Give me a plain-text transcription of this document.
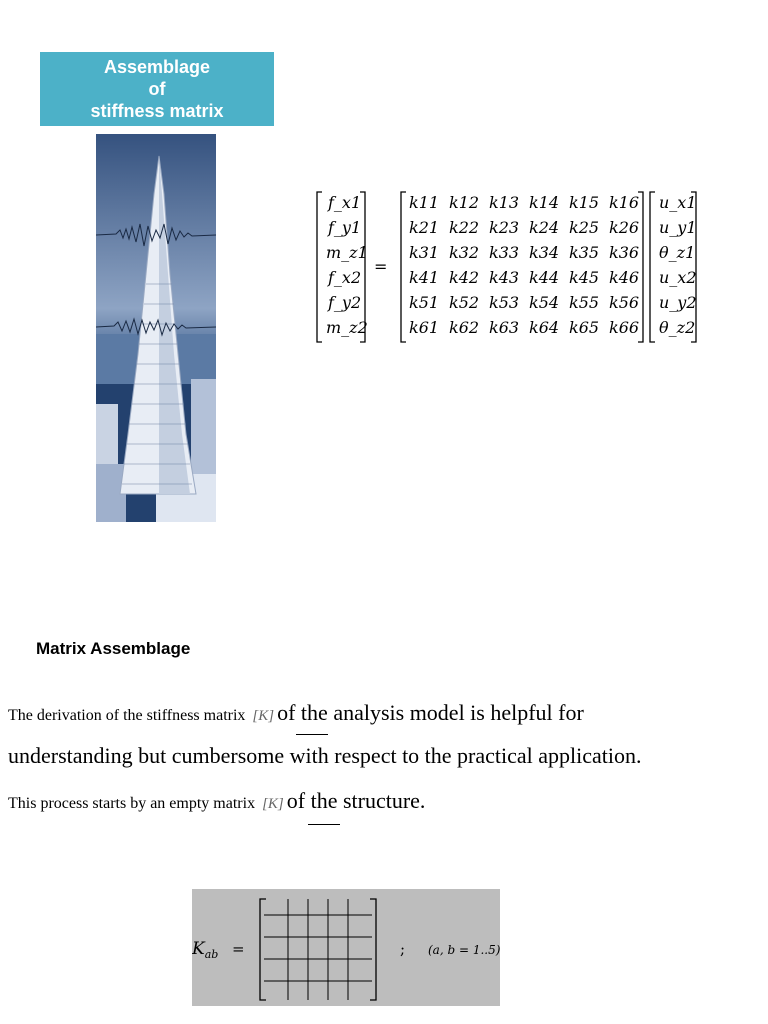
Assemblage
of
stiffness matrix
f_x1
f_y1
m_z1
f_x2
f_y2
m_z2
=
k11 k12 k13 k14 k15 k16
k21 k22 k23 k24 k25 k26
k31 k32 k33 k34 k35 k36
k41 k42 k43 k44 k45 k46
k51 k52 k53 k54 k55 k56
k61 k62 k63 k64 k65 k66
u_x1
u_y1
θ_z1
u_x2
u_y2
θ_z2
Matrix Assemblage
The derivation of the stiffness matrix [K] of the analysis model is helpful for
understanding but cumbersome with respect to the practical application.
This process starts by an empty matrix [K] of the structure.
$K_{ab}$ =	; (a, b = 1..5)
